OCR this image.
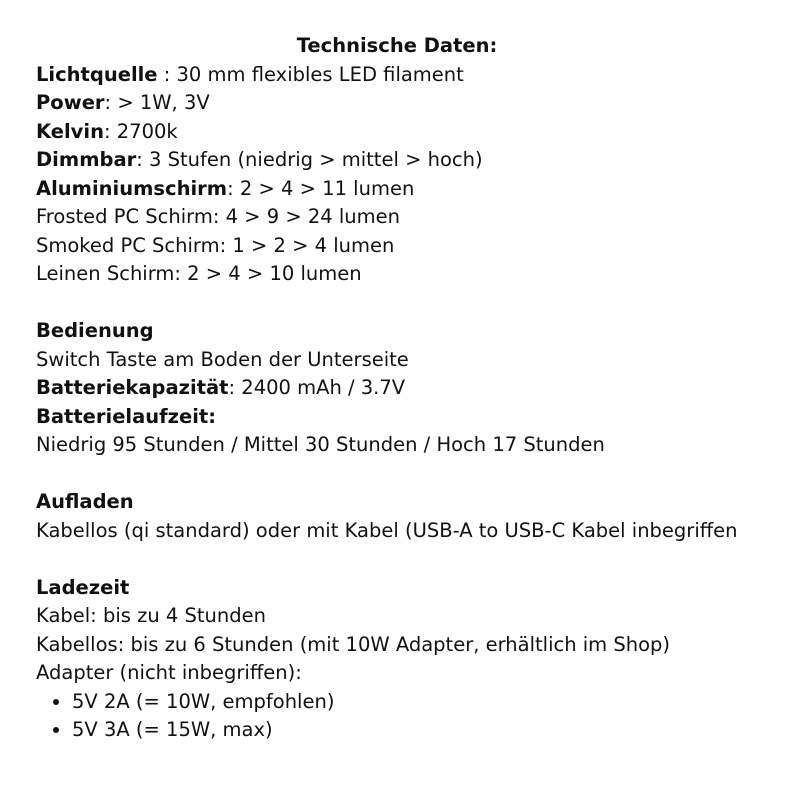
Technische Daten:
Lichtquelle : 30 mm flexibles LED filament
Power: > 1W, 3V
Kelvin: 2700k
Dimmbar: 3 Stufen (niedrig > mittel > hoch)
Aluminiumschirm: 2 > 4 > 11 lumen
Frosted PC Schirm: 4 > 9 > 24 lumen
Smoked PC Schirm: 1 > 2 > 4 lumen
Leinen Schirm: 2 > 4 > 10 lumen
Bedienung
Switch Taste am Boden der Unterseite
Batteriekapazität: 2400 mAh / 3.7V
Batterielaufzeit:
Niedrig 95 Stunden / Mittel 30 Stunden / Hoch 17 Stunden
Aufladen
Kabellos (qi standard) oder mit Kabel (USB-A to USB-C Kabel inbegriffen
Ladezeit
Kabel: bis zu 4 Stunden
Kabellos: bis zu 6 Stunden (mit 10W Adapter, erhältlich im Shop)
Adapter (nicht inbegriffen):
• 5V 2A (= 10W, empfohlen)
• 5V 3A (= 15W, max)
